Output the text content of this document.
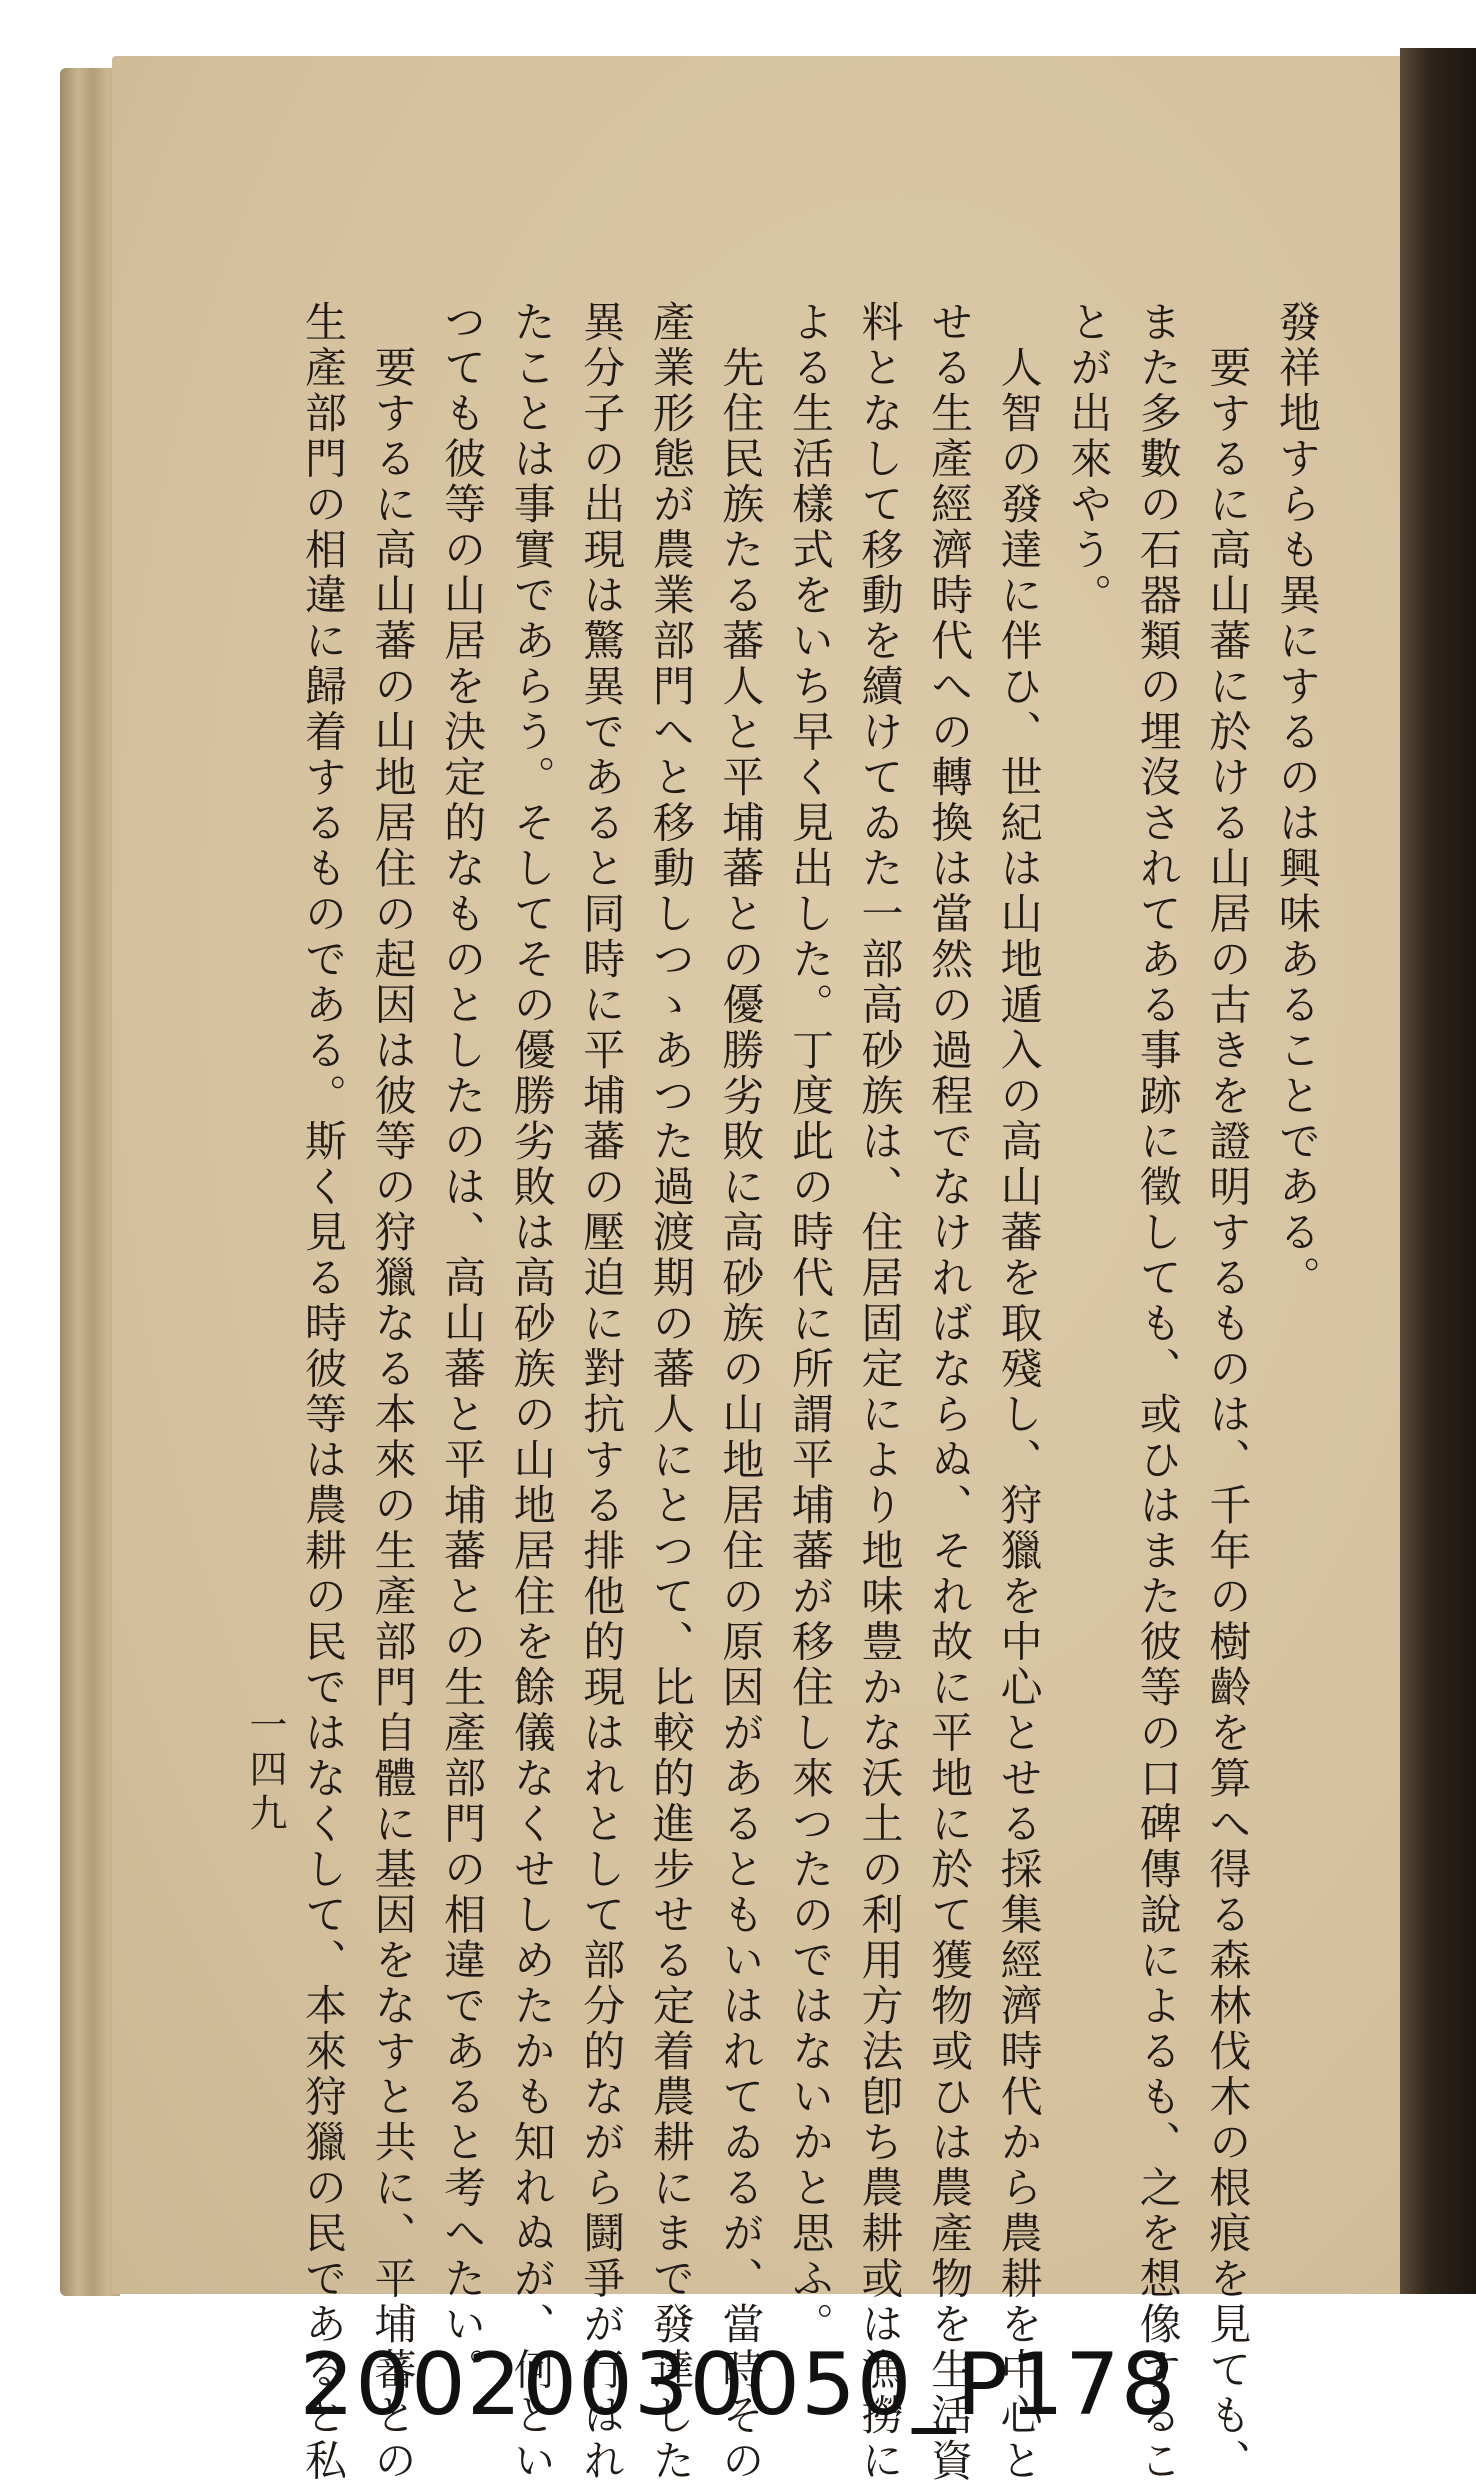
發祥地すらも異にするのは興味あることである。
　要するに高山蕃に於ける山居の古きを證明するものは、千年の樹齡を算へ得る森林伐木の根痕を見ても、
また多數の石器類の埋沒されてある事跡に徵しても、或ひはまた彼等の口碑傳說によるも、之を想像するこ
とが出來やう。
　人智の發達に伴ひ、世紀は山地遁入の高山蕃を取殘し、狩獵を中心とせる採集經濟時代から農耕を中心と
せる生產經濟時代への轉換は當然の過程でなければならぬ、それ故に平地に於て獲物或ひは農產物を生活資
料となして移動を續けてゐた一部高砂族は、住居固定により地味豊かな沃土の利用方法卽ち農耕或は漁撈に
よる生活樣式をいち早く見出した。丁度此の時代に所謂平埔蕃が移住し來つたのではないかと思ふ。
　先住民族たる蕃人と平埔蕃との優勝劣敗に高砂族の山地居住の原因があるともいはれてゐるが、當時その
產業形態が農業部門へと移動しつゝあつた過渡期の蕃人にとつて、比較的進步せる定着農耕にまで發達した
異分子の出現は驚異であると同時に平埔蕃の壓迫に對抗する排他的現はれとして部分的ながら鬪爭が行はれ
たことは事實であらう。そしてその優勝劣敗は高砂族の山地居住を餘儀なくせしめたかも知れぬが、何とい
つても彼等の山居を決定的なものとしたのは、高山蕃と平埔蕃との生產部門の相違であると考へたい。
　要するに高山蕃の山地居住の起因は彼等の狩獵なる本來の生產部門自體に基因をなすと共に、平埔蕃との
生產部門の相違に歸着するものである。斯く見る時彼等は農耕の民ではなくして、本來狩獵の民であると私
一四九
20020030050_P178
